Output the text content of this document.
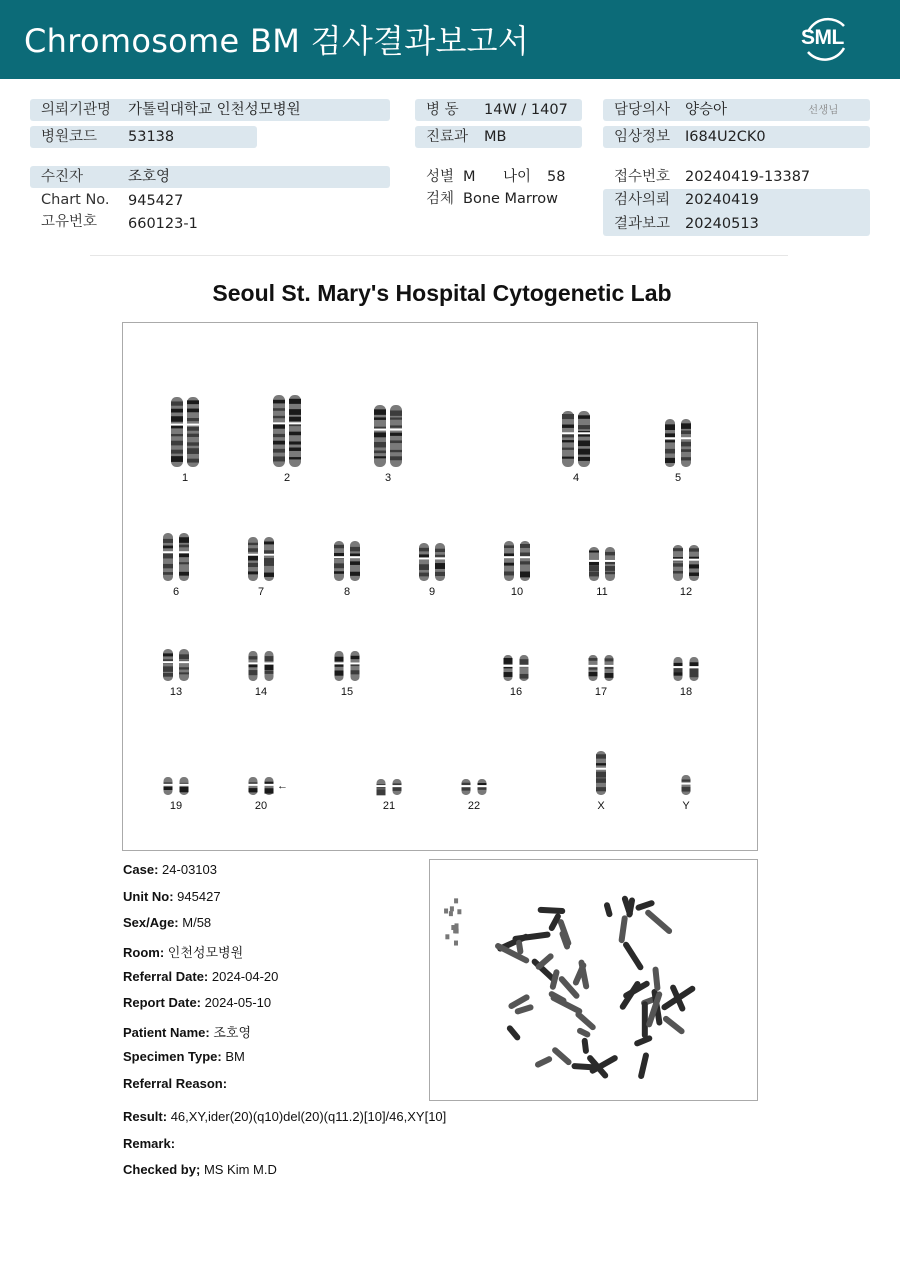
Chromosome BM 검사결과보고서	SML
의뢰기관명 가톨릭대학교 인천성모병원
병원코드 53138
수진자	조호영
Chart No. 945427
고유번호 660123-1
병 동 14W / 1407
진료과 MB
성별 M 나이 58
검체 Bone Marrow
담당의사 양승아	선생님
임상정보 I684U2CK0
접수번호 20240419-13387
검사의뢰 20240419
결과보고 20240513
Seoul St. Mary's Hospital Cytogenetic Lab
1	2	3	4	5
6	7	8	9	10	11	12
13	14	15	16	17	18
19	20	21	22	X	Y
←
Case: 24-03103
Unit No: 945427
Sex/Age: M/58
Room: 인천성모병원
Referral Date: 2024-04-20
Report Date: 2024-05-10
Patient Name: 조호영
Specimen Type: BM
Referral Reason:
Result: 46,XY,ider(20)(q10)del(20)(q11.2)[10]/46,XY[10]
Remark:
Checked by; MS Kim M.D
